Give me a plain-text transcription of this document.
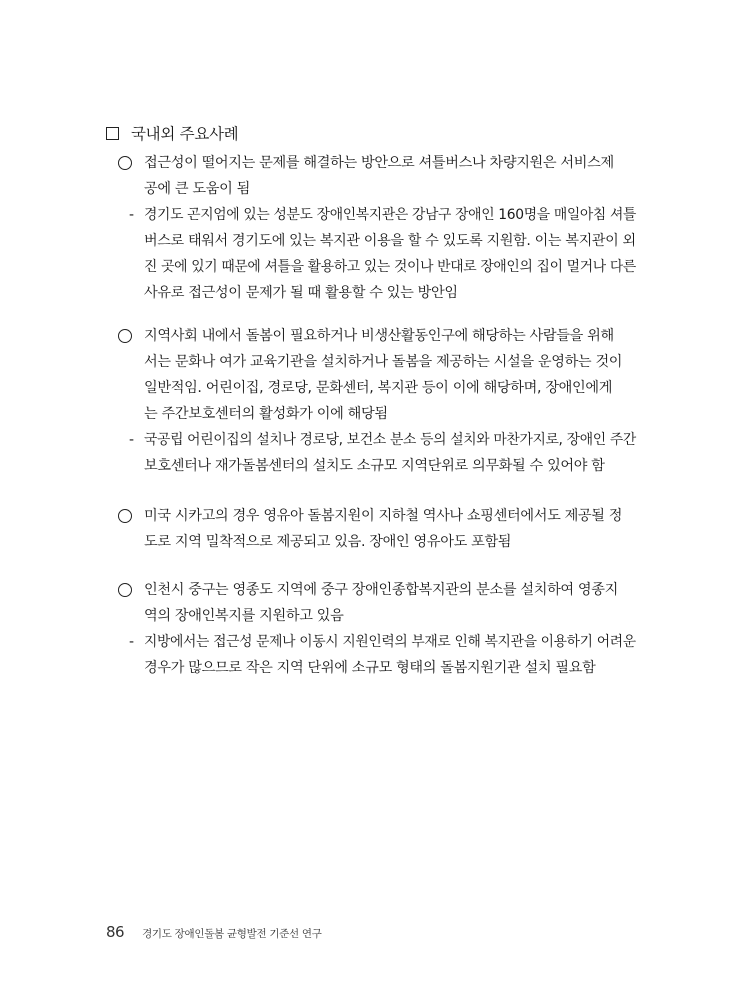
국내외 주요사례
접근성이 떨어지는 문제를 해결하는 방안으로 셔틀버스나 차량지원은 서비스제
공에 큰 도움이 됨
- 경기도 곤지엄에 있는 성분도 장애인복지관은 강남구 장애인 160명을 매일아침 셔틀
버스로 태워서 경기도에 있는 복지관 이용을 할 수 있도록 지원함. 이는 복지관이 외
진 곳에 있기 때문에 셔틀을 활용하고 있는 것이나 반대로 장애인의 집이 멀거나 다른
사유로 접근성이 문제가 될 때 활용할 수 있는 방안임
지역사회 내에서 돌봄이 필요하거나 비생산활동인구에 해당하는 사람들을 위해
서는 문화나 여가 교육기관을 설치하거나 돌봄을 제공하는 시설을 운영하는 것이
일반적임. 어린이집, 경로당, 문화센터, 복지관 등이 이에 해당하며, 장애인에게
는 주간보호센터의 활성화가 이에 해당됨
- 국공립 어린이집의 설치나 경로당, 보건소 분소 등의 설치와 마찬가지로, 장애인 주간
보호센터나 재가돌봄센터의 설치도 소규모 지역단위로 의무화될 수 있어야 함
미국 시카고의 경우 영유아 돌봄지원이 지하철 역사나 쇼핑센터에서도 제공될 정
도로 지역 밀착적으로 제공되고 있음. 장애인 영유아도 포함됨
인천시 중구는 영종도 지역에 중구 장애인종합복지관의 분소를 설치하여 영종지
역의 장애인복지를 지원하고 있음
- 지방에서는 접근성 문제나 이동시 지원인력의 부재로 인해 복지관을 이용하기 어려운
경우가 많으므로 작은 지역 단위에 소규모 형태의 돌봄지원기관 설치 필요함
86 경기도 장애인돌봄 균형발전 기준선 연구
